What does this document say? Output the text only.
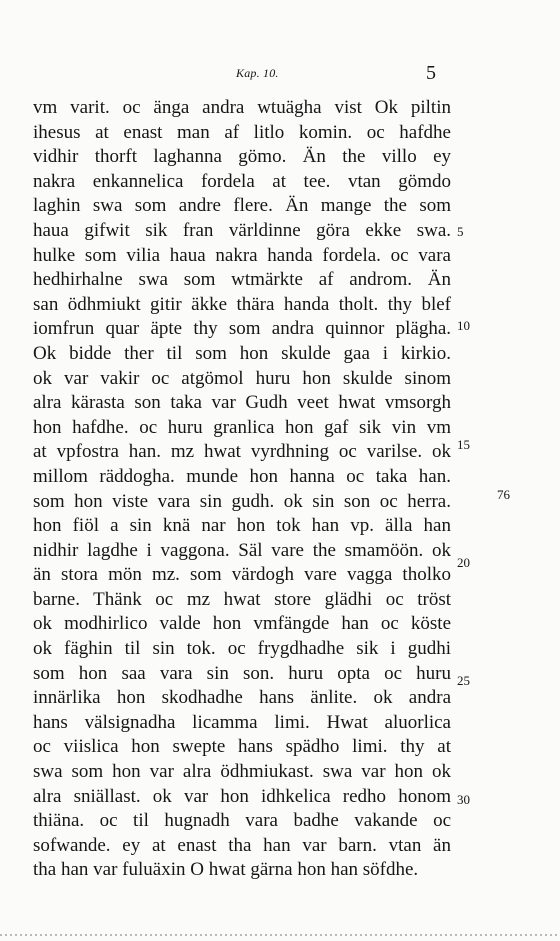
Kap. 10.	5
vm varit. oc änga andra wtuägha vist Ok piltin
ihesus at enast man af litlo komin. oc hafdhe
vidhir thorft laghanna gömo. Än the villo ey
nakra enkannelica fordela at tee. vtan gömdo
laghin swa som andre flere. Än mange the som
haua gifwit sik fran världinne göra ekke swa.
hulke som vilia haua nakra handa fordela. oc vara
hedhirhalne swa som wtmärkte af androm. Än
san ödhmiukt gitir äkke thära handa tholt. thy blef
iomfrun quar äpte thy som andra quinnor plägha.
Ok bidde ther til som hon skulde gaa i kirkio.
ok var vakir oc atgömol huru hon skulde sinom
alra kärasta son taka var Gudh veet hwat vmsorgh
hon hafdhe. oc huru granlica hon gaf sik vin vm
at vpfostra han. mz hwat vyrdhning oc varilse. ok
millom räddogha. munde hon hanna oc taka han.
som hon viste vara sin gudh. ok sin son oc herra.
hon fiöl a sin knä nar hon tok han vp. älla han
nidhir lagdhe i vaggona. Säl vare the smamöön. ok
än stora mön mz. som värdogh vare vagga tholko
barne. Thänk oc mz hwat store glädhi oc tröst
ok modhirlico valde hon vmfängde han oc köste
ok fäghin til sin tok. oc frygdhadhe sik i gudhi
som hon saa vara sin son. huru opta oc huru
innärlika hon skodhadhe hans änlite. ok andra
hans välsignadha licamma limi. Hwat aluorlica
oc viislica hon swepte hans spädho limi. thy at
swa som hon var alra ödhmiukast. swa var hon ok
alra sniällast. ok var hon idhkelica redho honom
thiäna. oc til hugnadh vara badhe vakande oc
sofwande. ey at enast tha han var barn. vtan än
tha han var fuluäxin O hwat gärna hon han söfdhe.
5
10
15
76
20
25
30
